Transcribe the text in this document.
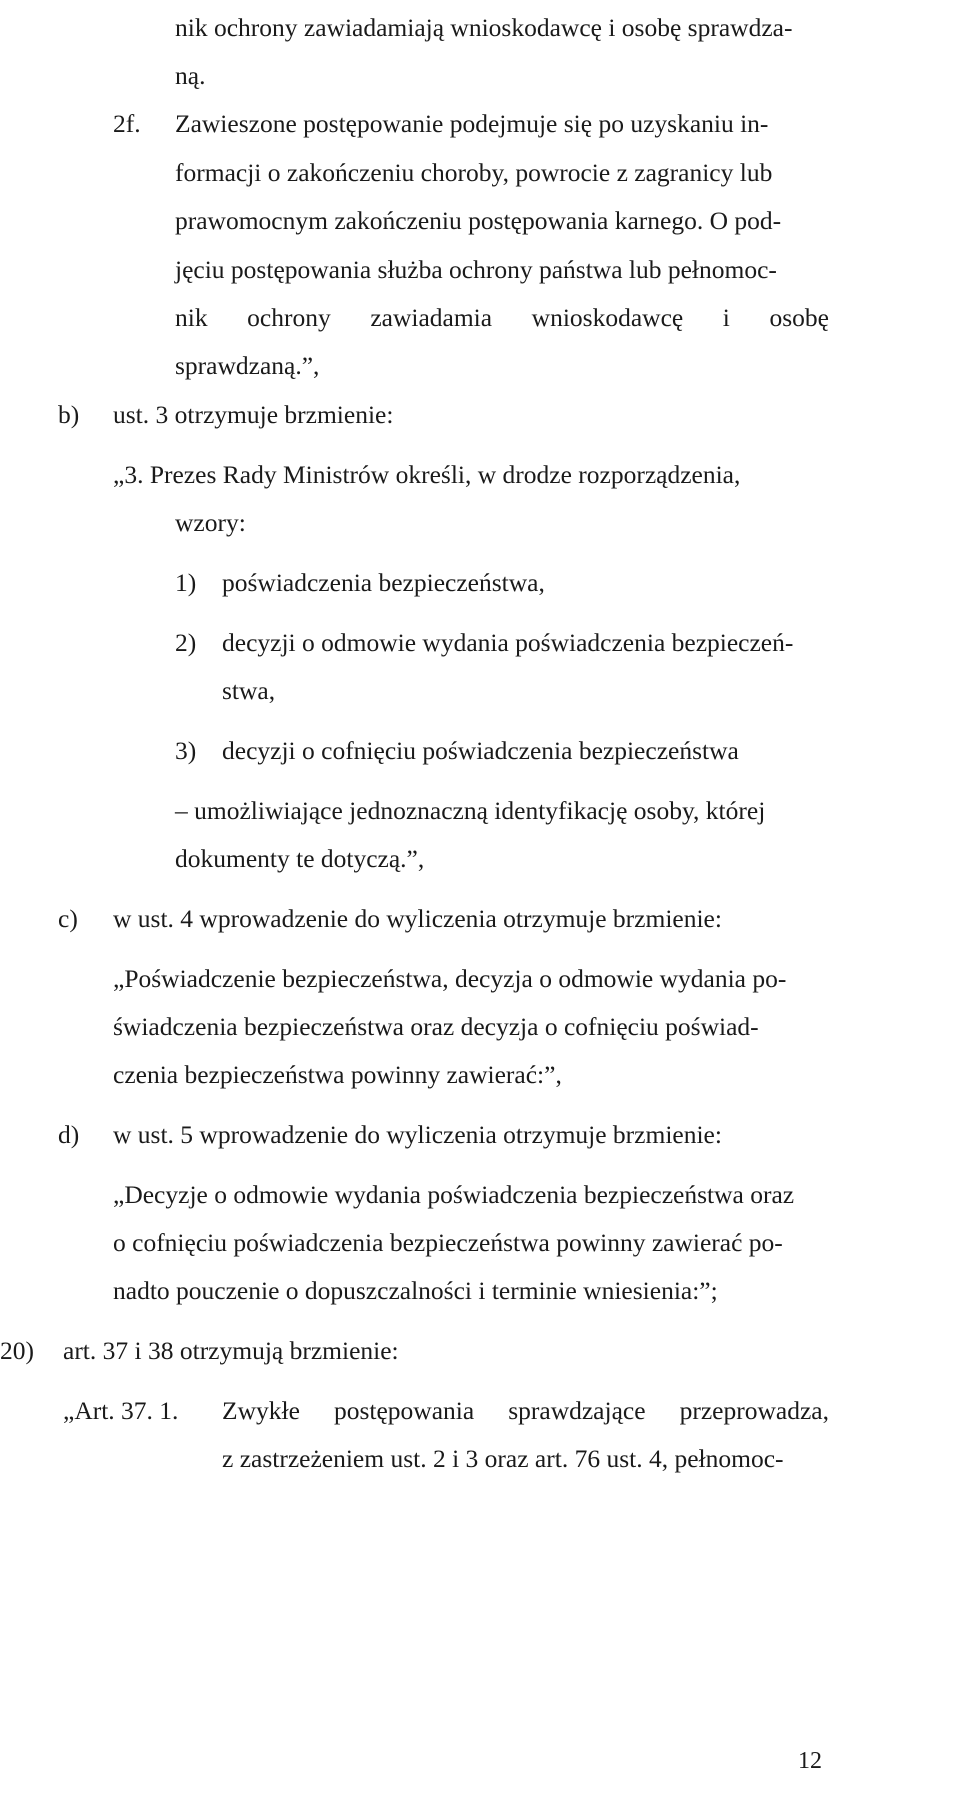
nik ochrony zawiadamiają wnioskodawcę i osobę sprawdza-
ną.
2f. Zawieszone postępowanie podejmuje się po uzyskaniu in-
formacji o zakończeniu choroby, powrocie z zagranicy lub
prawomocnym zakończeniu postępowania karnego. O pod-
jęciu postępowania służba ochrony państwa lub pełnomoc-
nik ochrony zawiadamia wnioskodawcę i osobę
sprawdzaną.”,
b) ust. 3 otrzymuje brzmienie:
„3. Prezes Rady Ministrów określi, w drodze rozporządzenia,
wzory:
1) poświadczenia bezpieczeństwa,
2) decyzji o odmowie wydania poświadczenia bezpieczeń-
stwa,
3) decyzji o cofnięciu poświadczenia bezpieczeństwa
– umożliwiające jednoznaczną identyfikację osoby, której
dokumenty te dotyczą.”,
c) w ust. 4 wprowadzenie do wyliczenia otrzymuje brzmienie:
„Poświadczenie bezpieczeństwa, decyzja o odmowie wydania po-
świadczenia bezpieczeństwa oraz decyzja o cofnięciu poświad-
czenia bezpieczeństwa powinny zawierać:”,
d) w ust. 5 wprowadzenie do wyliczenia otrzymuje brzmienie:
„Decyzje o odmowie wydania poświadczenia bezpieczeństwa oraz
o cofnięciu poświadczenia bezpieczeństwa powinny zawierać po-
nadto pouczenie o dopuszczalności i terminie wniesienia:”;
20) art. 37 i 38 otrzymują brzmienie:
„Art. 37. 1. Zwykłe postępowania sprawdzające przeprowadza,
z zastrzeżeniem ust. 2 i 3 oraz art. 76 ust. 4, pełnomoc-
12
